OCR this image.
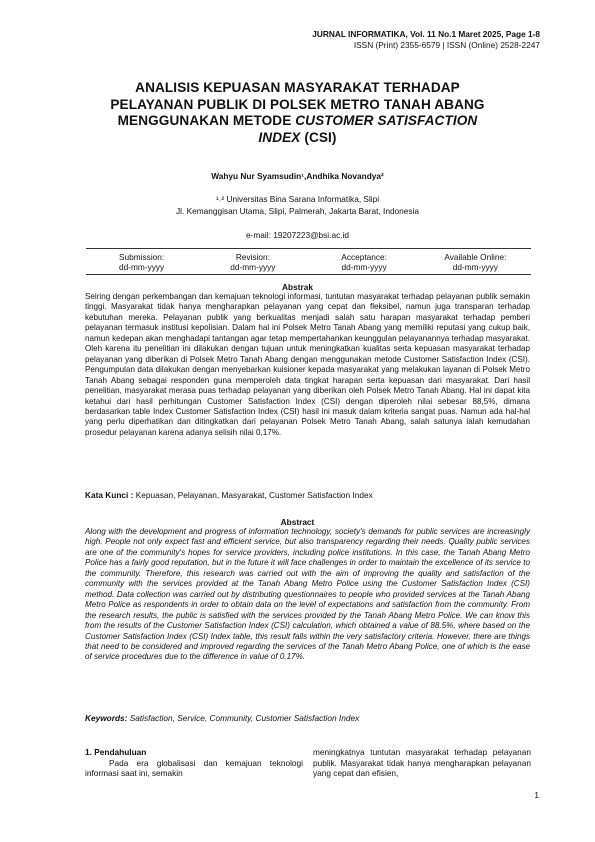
JURNAL INFORMATIKA, Vol. 11 No.1 Maret 2025, Page 1-8
ISSN (Print) 2355-6579 | ISSN (Online) 2528-2247
ANALISIS KEPUASAN MASYARAKAT TERHADAP
PELAYANAN PUBLIK DI POLSEK METRO TANAH ABANG
MENGGUNAKAN METODE CUSTOMER SATISFACTION
INDEX (CSI)
Wahyu Nur Syamsudin¹,Andhika Novandya²
¹˒² Universitas Bina Sarana Informatika, Slipi
Jl. Kemanggisan Utama, Slipi, Palmerah, Jakarta Barat, Indonesia
e-mail: 19207223@bsi.ac.id
Submission:
dd-mm-yyyy
Revision:
dd-mm-yyyy
Acceptance:
dd-mm-yyyy
Available Online:
dd-mm-yyyy
Abstrak
Seiring dengan perkembangan dan kemajuan teknologi informasi, tuntutan masyarakat terhadap pelayanan publik semakin tinggi. Masyarakat tidak hanya mengharapkan pelayanan yang cepat dan fleksibel, namun juga transparan terhadap kebutuhan mereka. Pelayanan publik yang berkualitas menjadi salah satu harapan masyarakat terhadap pemberi pelayanan termasuk institusi kepolisian. Dalam hal ini Polsek Metro Tanah Abang yang memiliki reputasi yang cukup baik, namun kedepan akan menghadapi tantangan agar tetap mempertahankan keunggulan pelayanannya terhadap masyarakat. Oleh karena itu penelitian ini dilakukan dengan tujuan untuk meningkatkan kualitas serta kepuasan masyarakat terhadap pelayanan yang diberikan di Polsek Metro Tanah Abang dengan menggunakan metode Customer Satisfaction Index (CSI). Pengumpulan data dilakukan dengan menyebarkan kuisioner kepada masyarakat yang melakukan layanan di Polsek Metro Tanah Abang sebagai responden guna memperoleh data tingkat harapan serta kepuasan dari masyarakat. Dari hasil penelitian, masyarakat merasa puas terhadap pelayanan yang diberikan oleh Polsek Metro Tanah Abang. Hal ini dapat kita ketahui dari hasil perhitungan Customer Satisfaction Index (CSI) dengan diperoleh nilai sebesar 88,5%, dimana berdasarkan table Index Customer Satisfaction Index (CSI) hasil ini masuk dalam kriteria sangat puas. Namun ada hal-hal yang perlu diperhatikan dan ditingkatkan dari pelayanan Polsek Metro Tanah Abang, salah satunya ialah kemudahan prosedur pelayanan karena adanya selisih nilai 0,17%.
Kata Kunci : Kepuasan, Pelayanan, Masyarakat, Customer Satisfaction Index
Abstract
Along with the development and progress of information technology, society's demands for public services are increasingly high. People not only expect fast and efficient service, but also transparency regarding their needs. Quality public services are one of the community's hopes for service providers, including police institutions. In this case, the Tanah Abang Metro Police has a fairly good reputation, but in the future it will face challenges in order to maintain the excellence of its service to the community. Therefore, this research was carried out with the aim of improving the quality and satisfaction of the community with the services provided at the Tanah Abang Metro Police using the Customer Satisfaction Index (CSI) method. Data collection was carried out by distributing questionnaires to people who provided services at the Tanah Abang Metro Police as respondents in order to obtain data on the level of expectations and satisfaction from the community. From the research results, the public is satisfied with the services provided by the Tanah Abang Metro Police. We can know this from the results of the Customer Satisfaction Index (CSI) calculation, which obtained a value of 88.5%, where based on the Customer Satisfaction Index (CSI) Index table, this result falls within the very satisfactory criteria. However, there are things that need to be considered and improved regarding the services of the Tanah Metro Abang Police, one of which is the ease of service procedures due to the difference in value of 0.17%.
Keywords: Satisfaction, Service, Community, Customer Satisfaction Index
1. Pendahuluan
Pada era globalisasi dan kemajuan teknologi informasi saat ini, semakin
meningkatnya tuntutan masyarakat terhadap pelayanan publik. Masyarakat tidak hanya mengharapkan pelayanan yang cepat dan efisien,
1
